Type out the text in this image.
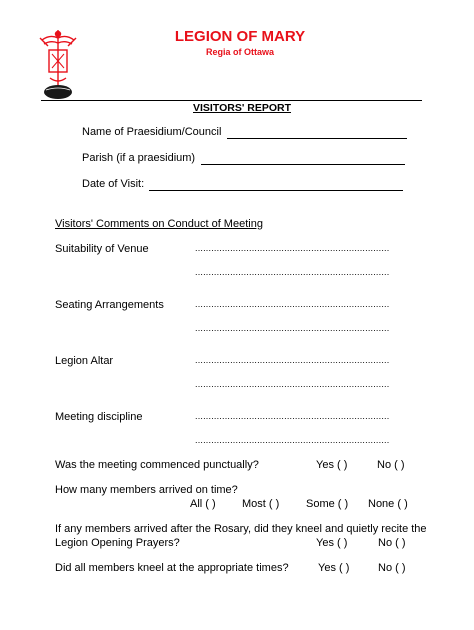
LEGION OF MARY
Regia of Ottawa
VISITORS' REPORT
Name of Praesidium/Council
Parish (if a praesidium)
Date of Visit:
Visitors' Comments on Conduct of Meeting
Suitability of Venue	........................................................................
........................................................................
Seating Arrangements	........................................................................
........................................................................
Legion Altar	........................................................................
........................................................................
Meeting discipline	........................................................................
........................................................................
Was the meeting commenced punctually?	Yes ( )	No ( )
How many members arrived on time?
All ( ) Most ( ) Some ( ) None ( )
If any members arrived after the Rosary, did they kneel and quietly recite the
Legion Opening Prayers?	Yes ( )	No ( )
Did all members kneel at the appropriate times?	Yes ( )	No ( )
